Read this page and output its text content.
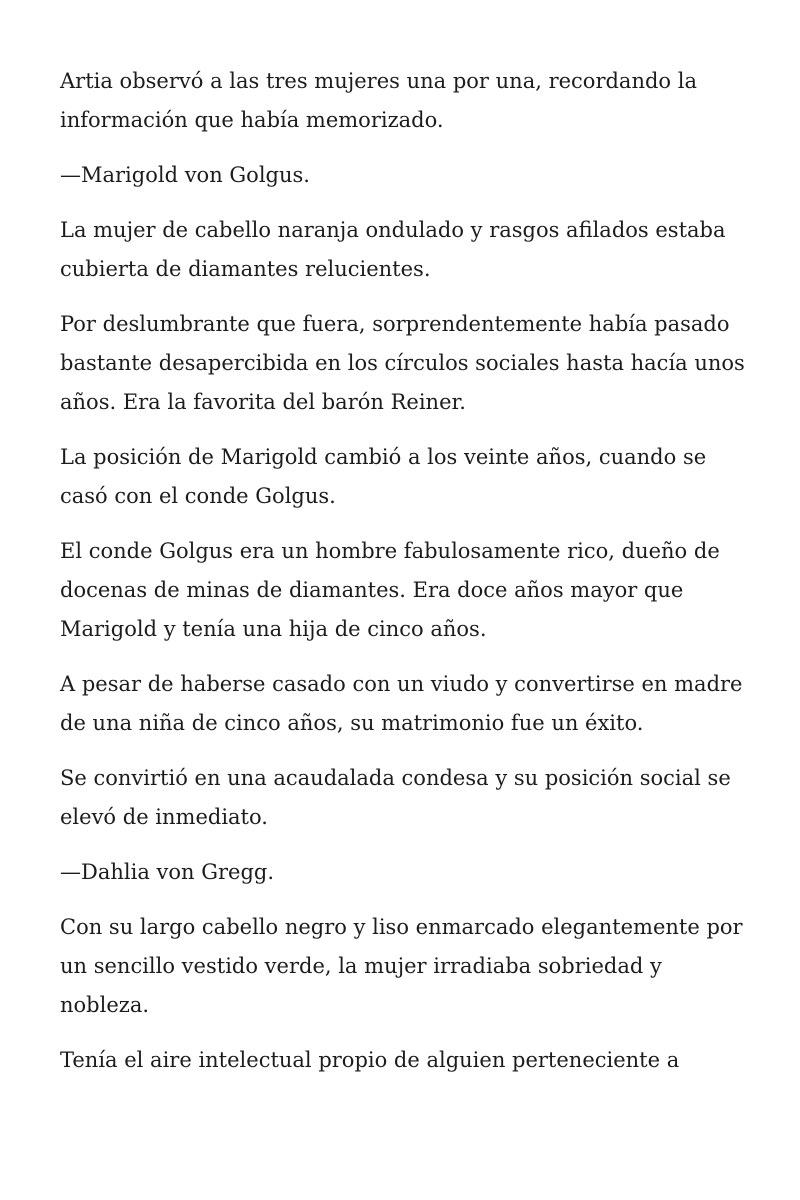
Artia observó a las tres mujeres una por una, recordando la información que había memorizado.

—Marigold von Golgus.

La mujer de cabello naranja ondulado y rasgos afilados estaba cubierta de diamantes relucientes.

Por deslumbrante que fuera, sorprendentemente había pasado bastante desapercibida en los círculos sociales hasta hacía unos años. Era la favorita del barón Reiner.

La posición de Marigold cambió a los veinte años, cuando se casó con el conde Golgus.

El conde Golgus era un hombre fabulosamente rico, dueño de docenas de minas de diamantes. Era doce años mayor que Marigold y tenía una hija de cinco años.

A pesar de haberse casado con un viudo y convertirse en madre de una niña de cinco años, su matrimonio fue un éxito.

Se convirtió en una acaudalada condesa y su posición social se elevó de inmediato.

—Dahlia von Gregg.

Con su largo cabello negro y liso enmarcado elegantemente por un sencillo vestido verde, la mujer irradiaba sobriedad y nobleza.

Tenía el aire intelectual propio de alguien perteneciente a
